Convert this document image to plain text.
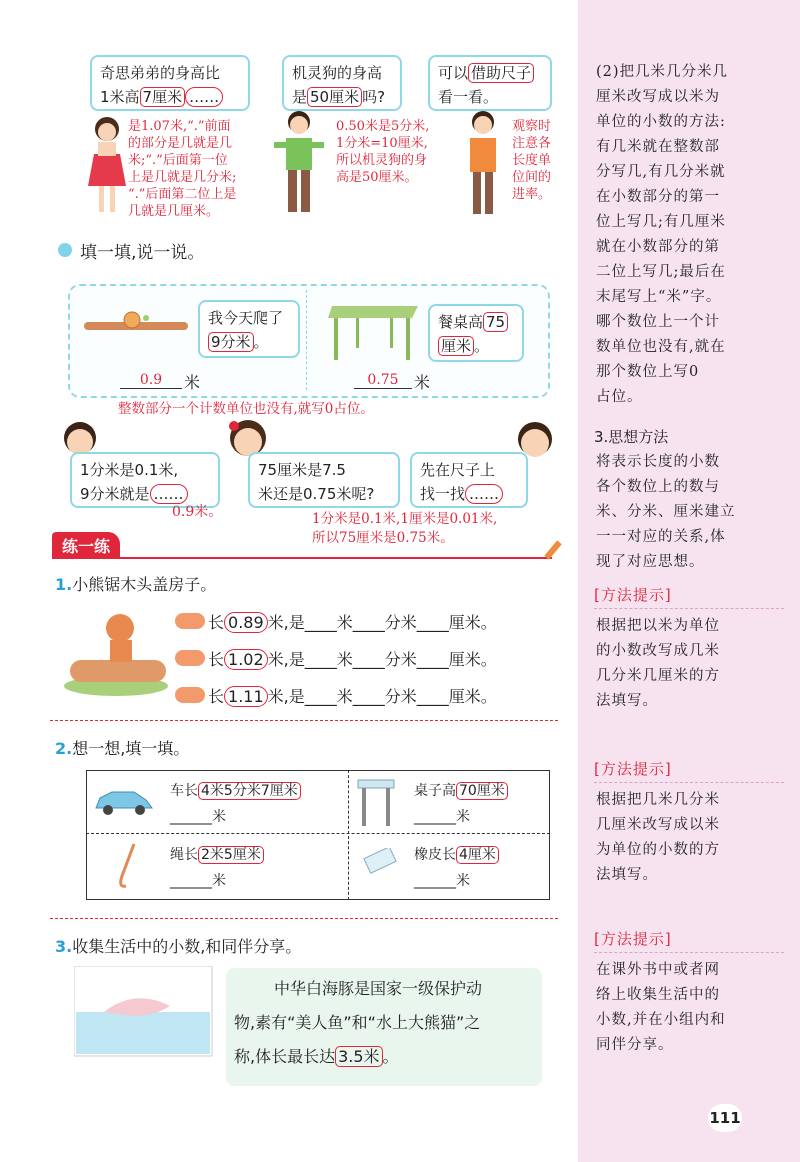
奇思弟弟的身高比
1米高 7厘米 ……
机灵狗的身高
是 50厘米 吗?
可以 借助尺子
看一看。
是1.07米,“.”前面
的部分是几就是几
米;“.”后面第一位
上是几就是几分米;
“.”后面第二位上是
几就是几厘米。
0.50米是5分米,
1分米=10厘米,
所以机灵狗的身
高是50厘米。
观察时
注意各
长度单
位间的
进率。
填一填,说一说。
我今天爬了
9分米 。
0.9	米
餐桌高 75
厘米 。
0.75 米
整数部分一个计数单位也没有,就写0占位。
1分米是0.1米,
9分米就是 ……
0.9米。
75厘米是7.5
米还是0.75米呢?
先在尺子上
找一找 ……
1分米是0.1米,1厘米是0.01米,
所以75厘米是0.75米。
练一练
1.小熊锯木头盖房子。
长 0.89 米,是____米____分米____厘米。
长 1.02 米,是____米____分米____厘米。
长 1.11 米,是____米____分米____厘米。
2.想一想,填一填。
车长 4米5分米7厘米
______米
桌子高 70厘米
______米
绳长 2米5厘米
______米
橡皮长 4厘米
______米
3.收集生活中的小数,和同伴分享。
中华白海豚是国家一级保护动
物,素有“美人鱼”和“水上大熊猫”之
称,体长最长达 3.5米 。
(2)把几米几分米几
厘米改写成以米为
单位的小数的方法:
有几米就在整数部
分写几,有几分米就
在小数部分的第一
位上写几;有几厘米
就在小数部分的第
二位上写几;最后在
末尾写上“米”字。
哪个数位上一个计
数单位也没有,就在
那个数位上写0
占位。
3.思想方法
将表示长度的小数
各个数位上的数与
米、分米、厘米建立
一一对应的关系,体
现了对应思想。
[方法提示]
根据把以米为单位
的小数改写成几米
几分米几厘米的方
法填写。
[方法提示]
根据把几米几分米
几厘米改写成以米
为单位的小数的方
法填写。
[方法提示]
在课外书中或者网
络上收集生活中的
小数,并在小组内和
同伴分享。
111
